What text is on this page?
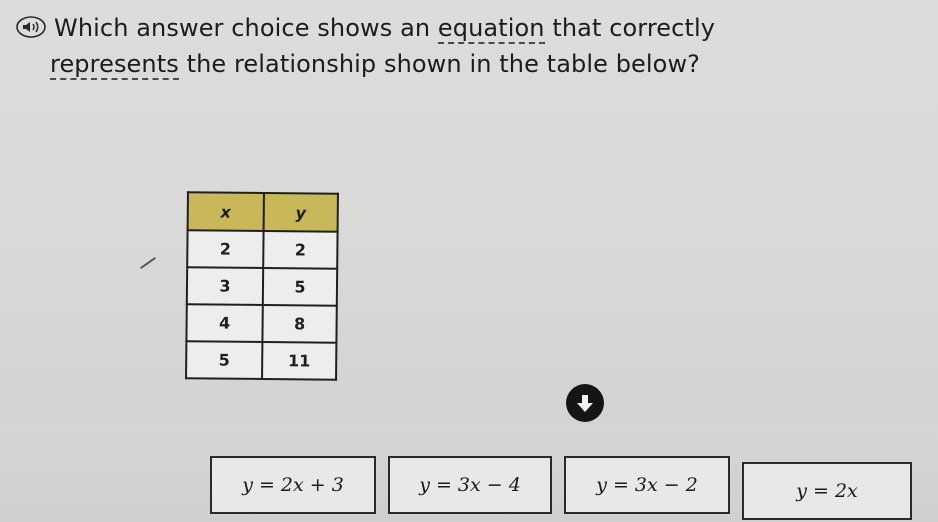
Which answer choice shows an equation that correctly
represents the relationship shown in the table below?
x	y
2	2
3	5
4	8
5	11
y = 2x + 3	y = 3x − 4	y = 3x − 2	y = 2x
